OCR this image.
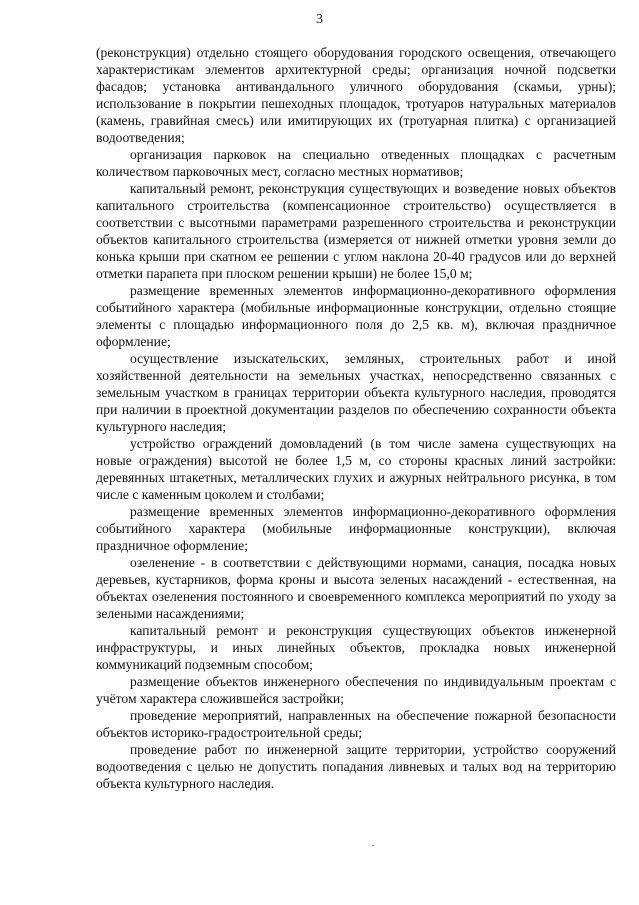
3

(реконструкция) отдельно стоящего оборудования городского освещения, отвечающего характеристикам элементов архитектурной среды; организация ночной подсветки фасадов; установка антивандального уличного оборудования (скамьи, урны); использование в покрытии пешеходных площадок, тротуаров натуральных материалов (камень, гравийная смесь) или имитирующих их (тротуарная плитка) с организацией водоотведения;

организация парковок на специально отведенных площадках с расчетным количеством парковочных мест, согласно местных нормативов;

капитальный ремонт, реконструкция существующих и возведение новых объектов капитального строительства (компенсационное строительство) осуществляется в соответствии с высотными параметрами разрешенного строительства и реконструкции объектов капитального строительства (измеряется от нижней отметки уровня земли до конька крыши при скатном ее решении с углом наклона 20-40 градусов или до верхней отметки парапета при плоском решении крыши) не более 15,0 м;

размещение временных элементов информационно-декоративного оформления событийного характера (мобильные информационные конструкции, отдельно стоящие элементы с площадью информационного поля до 2,5 кв. м), включая праздничное оформление;

осуществление изыскательских, земляных, строительных работ и иной хозяйственной деятельности на земельных участках, непосредственно связанных с земельным участком в границах территории объекта культурного наследия, проводятся при наличии в проектной документации разделов по обеспечению сохранности объекта культурного наследия;

устройство ограждений домовладений (в том числе замена существующих на новые ограждения) высотой не более 1,5 м, со стороны красных линий застройки: деревянных штакетных, металлических глухих и ажурных нейтрального рисунка, в том числе с каменным цоколем и столбами;

размещение временных элементов информационно-декоративного оформления событийного характера (мобильные информационные конструкции), включая праздничное оформление;

озеленение - в соответствии с действующими нормами, санация, посадка новых деревьев, кустарников, форма кроны и высота зеленых насаждений - естественная, на объектах озеленения постоянного и своевременного комплекса мероприятий по уходу за зелеными насаждениями;

капитальный ремонт и реконструкция существующих объектов инженерной инфраструктуры, и иных линейных объектов, прокладка новых инженерной коммуникаций подземным способом;

размещение объектов инженерного обеспечения по индивидуальным проектам с учётом характера сложившейся застройки;

проведение мероприятий, направленных на обеспечение пожарной безопасности объектов историко-градостроительной среды;

проведение работ по инженерной защите территории, устройство сооружений водоотведения с целью не допустить попадания ливневых и талых вод на территорию объекта культурного наследия.
